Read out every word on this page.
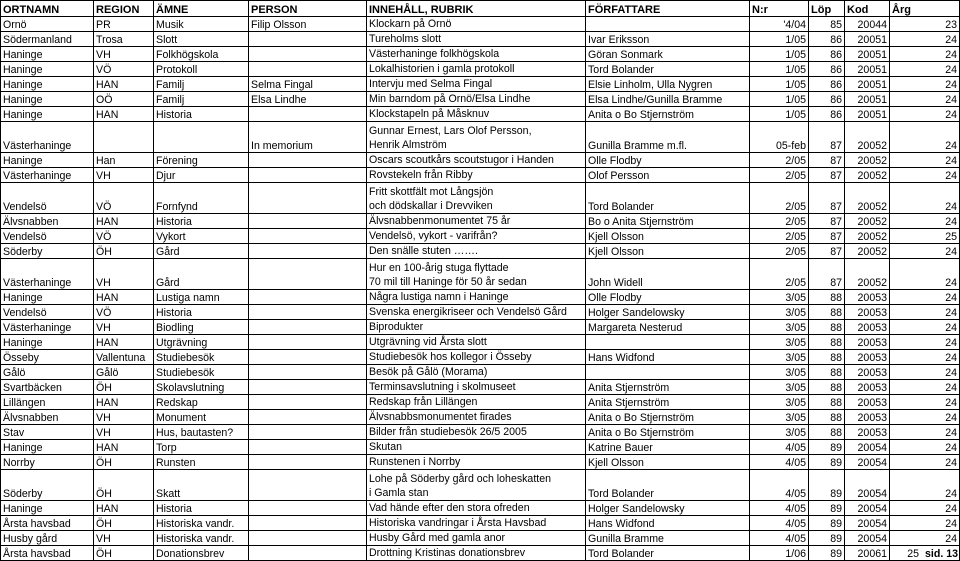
ORTNAMN	REGION	ÄMNE	PERSON	INNEHÅLL, RUBRIK	FÖRFATTARE	N:r	Löp	Kod	Årg
Ornö	PR	Musik	Filip Olsson	Klockarn på Ornö		'4/04	85	20044	23
Södermanland	Trosa	Slott		Tureholms slott	Ivar Eriksson	1/05	86	20051	24
Haninge	VH	Folkhögskola		Västerhaninge folkhögskola	Göran Sonmark	1/05	86	20051	24
Haninge	VÖ	Protokoll		Lokalhistorien i gamla protokoll	Tord Bolander	1/05	86	20051	24
Haninge	HAN	Familj	Selma Fingal	Intervju med Selma Fingal	Elsie Linholm, Ulla Nygren	1/05	86	20051	24
Haninge	OÖ	Familj	Elsa Lindhe	Min barndom på Ornö/Elsa Lindhe	Elsa Lindhe/Gunilla Bramme	1/05	86	20051	24
Haninge	HAN	Historia		Klockstapeln på Måsknuv	Anita o Bo Stjernström	1/05	86	20051	24
Västerhaninge			In memorium	Gunnar Ernest, Lars Olof Persson,
Henrik Almström	Gunilla Bramme m.fl.	05-feb	87	20052	24
Haninge	Han	Förening		Oscars scoutkårs scoutstugor i Handen	Olle Flodby	2/05	87	20052	24
Västerhaninge	VH	Djur		Rovstekeln från Ribby	Olof Persson	2/05	87	20052	24
Vendelsö	VÖ	Fornfynd		Fritt skottfält mot Långsjön
och dödskallar i Drevviken	Tord Bolander	2/05	87	20052	24
Älvsnabben	HAN	Historia		Älvsnabbenmonumentet 75 år	Bo o Anita Stjernström	2/05	87	20052	24
Vendelsö	VÖ	Vykort		Vendelsö, vykort - varifrån?	Kjell Olsson	2/05	87	20052	25
Söderby	ÖH	Gård		Den snälle stuten …….	Kjell Olsson	2/05	87	20052	24
Västerhaninge	VH	Gård		Hur en 100-årig stuga flyttade
70 mil till Haninge för 50 år sedan	John Widell	2/05	87	20052	24
Haninge	HAN	Lustiga namn		Några lustiga namn i Haninge	Olle Flodby	3/05	88	20053	24
Vendelsö	VÖ	Historia		Svenska energikriseer och Vendelsö Gård	Holger Sandelowsky	3/05	88	20053	24
Västerhaninge	VH	Biodling		Biprodukter	Margareta Nesterud	3/05	88	20053	24
Haninge	HAN	Utgrävning		Utgrävning vid Årsta slott		3/05	88	20053	24
Össeby	Vallentuna	Studiebesök		Studiebesök hos kollegor i Össeby	Hans Widfond	3/05	88	20053	24
Gålö	Gålö	Studiebesök		Besök på Gålö (Morama)		3/05	88	20053	24
Svartbäcken	ÖH	Skolavslutning		Terminsavslutning i skolmuseet	Anita Stjernström	3/05	88	20053	24
Lillängen	HAN	Redskap		Redskap från Lillängen	Anita Stjernström	3/05	88	20053	24
Älvsnabben	VH	Monument		Älvsnabbsmonumentet firades	Anita o Bo Stjernström	3/05	88	20053	24
Stav	VH	Hus, bautasten?		Bilder från studiebesök 26/5 2005	Anita o Bo Stjernström	3/05	88	20053	24
Haninge	HAN	Torp		Skutan	Katrine Bauer	4/05	89	20054	24
Norrby	ÖH	Runsten		Runstenen i Norrby	Kjell Olsson	4/05	89	20054	24
Söderby	ÖH	Skatt		Lohe på Söderby gård och loheskatten
i Gamla stan	Tord Bolander	4/05	89	20054	24
Haninge	HAN	Historia		Vad hände efter den stora ofreden	Holger Sandelowsky	4/05	89	20054	24
Årsta havsbad	ÖH	Historiska vandr.		Historiska vandringar i Årsta Havsbad	Hans Widfond	4/05	89	20054	24
Husby gård	VH	Historiska vandr.		Husby Gård med gamla anor	Gunilla Bramme	4/05	89	20054	24
Årsta havsbad	ÖH	Donationsbrev		Drottning Kristinas donationsbrev	Tord Bolander	1/06	89	20061	25 sid. 13
